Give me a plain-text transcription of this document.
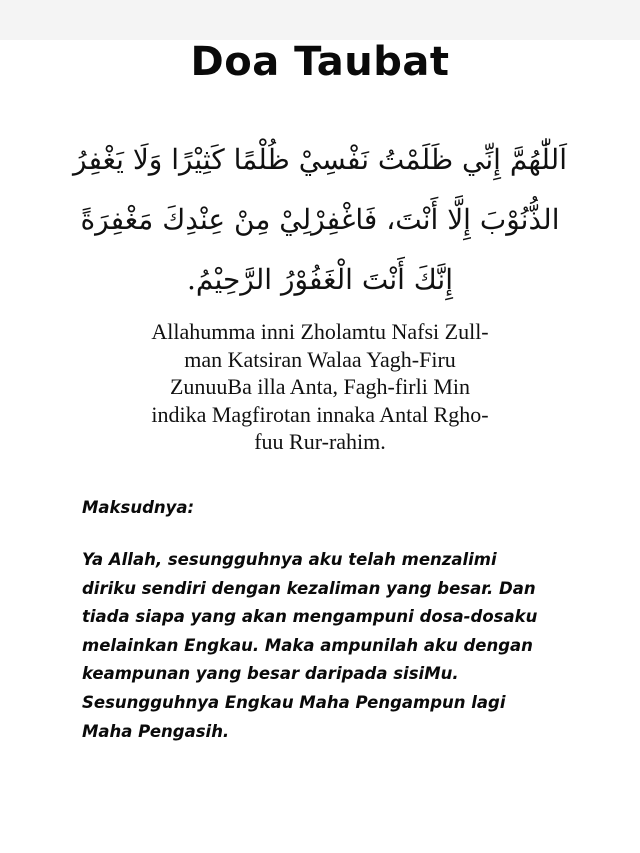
Doa Taubat
اَللّٰهُمَّ إِنِّي ظَلَمْتُ نَفْسِيْ ظُلْمًا كَثِيْرًا وَلَا يَغْفِرُ
الذُّنُوْبَ إِلَّا أَنْتَ، فَاغْفِرْلِيْ مِنْ عِنْدِكَ مَغْفِرَةً
إِنَّكَ أَنْتَ الْغَفُوْرُ الرَّحِيْمُ.
Allahumma inni Zholamtu Nafsi Zull-
man Katsiran Walaa Yagh-Firu
ZunuuBa illa Anta, Fagh-firli Min
indika Magfirotan innaka Antal Rgho-
fuu Rur-rahim.
Maksudnya:
Ya Allah, sesungguhnya aku telah menzalimi
diriku sendiri dengan kezaliman yang besar. Dan
tiada siapa yang akan mengampuni dosa-dosaku
melainkan Engkau. Maka ampunilah aku dengan
keampunan yang besar daripada sisiMu.
Sesungguhnya Engkau Maha Pengampun lagi
Maha Pengasih.
